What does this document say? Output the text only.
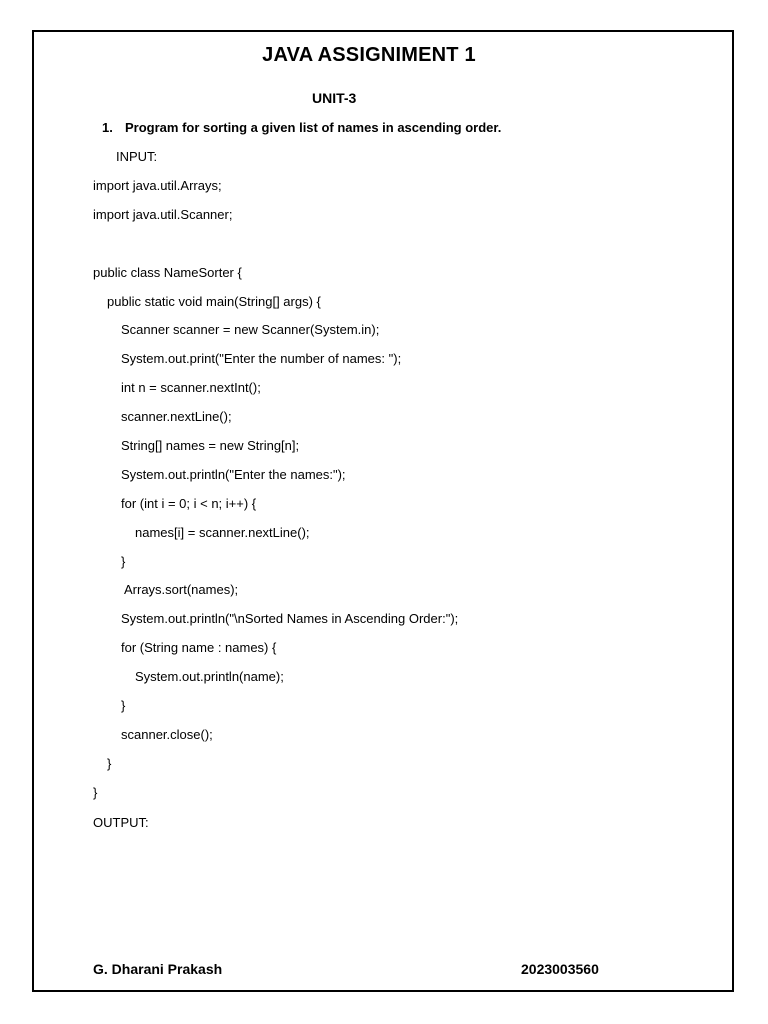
JAVA ASSIGNIMENT 1
UNIT-3
1. Program for sorting a given list of names in ascending order.
INPUT:
import java.util.Arrays;
import java.util.Scanner;
public class NameSorter {
public static void main(String[] args) {
Scanner scanner = new Scanner(System.in);
System.out.print("Enter the number of names: ");
int n = scanner.nextInt();
scanner.nextLine();
String[] names = new String[n];
System.out.println("Enter the names:");
for (int i = 0; i < n; i++) {
names[i] = scanner.nextLine();
}
Arrays.sort(names);
System.out.println("\nSorted Names in Ascending Order:");
for (String name : names) {
System.out.println(name);
}
scanner.close();
}
}
OUTPUT:
G. Dharani Prakash	2023003560
